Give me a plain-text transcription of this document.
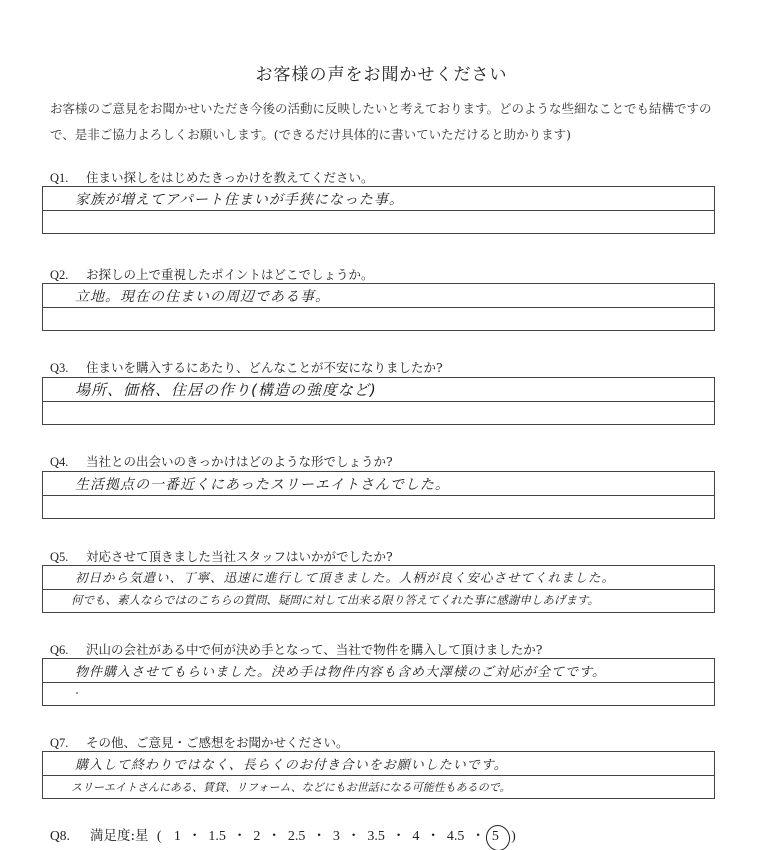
お客様の声をお聞かせください
お客様のご意見をお聞かせいただき今後の活動に反映したいと考えております。どのような些細なことでも結構ですので、是非ご協力よろしくお願いします。(できるだけ具体的に書いていただけると助かります)
Q1. 住まい探しをはじめたきっかけを教えてください。
家族が増えてアパート住まいが手狭になった事。
Q2. お探しの上で重視したポイントはどこでしょうか。
立地。現在の住まいの周辺である事。
Q3. 住まいを購入するにあたり、どんなことが不安になりましたか?
場所、価格、住居の作り(構造の強度など)
Q4. 当社との出会いのきっかけはどのような形でしょうか?
生活拠点の一番近くにあったスリーエイトさんでした。
Q5. 対応させて頂きました当社スタッフはいかがでしたか?
初日から気遣い、丁寧、迅速に進行して頂きました。人柄が良く安心させてくれました。
何でも、素人ならではのこちらの質問、疑問に対して出来る限り答えてくれた事に感謝申しあげます。
Q6. 沢山の会社がある中で何が決め手となって、当社で物件を購入して頂けましたか?
物件購入させてもらいました。決め手は物件内容も含め大澤様のご対応が全てです。
Q7. その他、ご意見・ご感想をお聞かせください。
購入して終わりではなく、長らくのお付き合いをお願いしたいです。
スリーエイトさんにある、賃貸、リフォーム、などにもお世話になる可能性もあるので。
Q8. 満足度:星 ( 1 ・ 1.5 ・ 2 ・ 2.5 ・ 3 ・ 3.5 ・ 4 ・ 4.5 ・ 5 )
